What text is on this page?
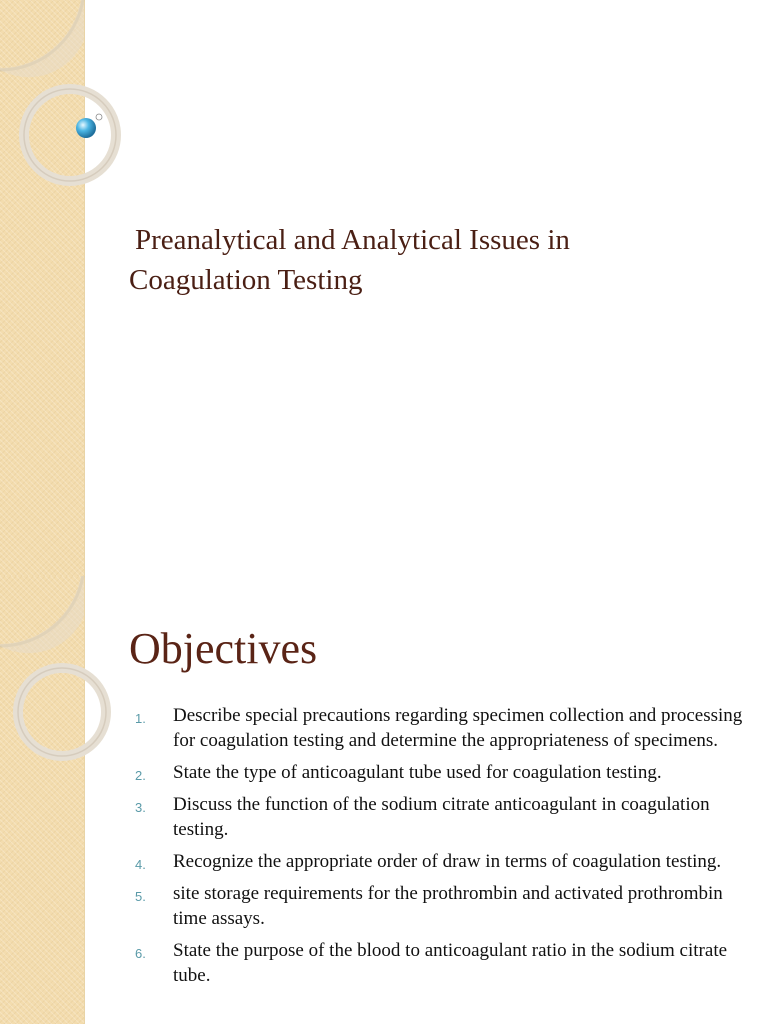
Preanalytical and Analytical Issues in
Coagulation Testing
Objectives
1. Describe special precautions regarding specimen collection and processing for coagulation testing and determine the appropriateness of specimens.
2. State the type of anticoagulant tube used for coagulation testing.
3. Discuss the function of the sodium citrate anticoagulant in coagulation testing.
4. Recognize the appropriate order of draw in terms of coagulation testing.
5. site storage requirements for the prothrombin and activated prothrombin time assays.
6. State the purpose of the blood to anticoagulant ratio in the sodium citrate tube.
